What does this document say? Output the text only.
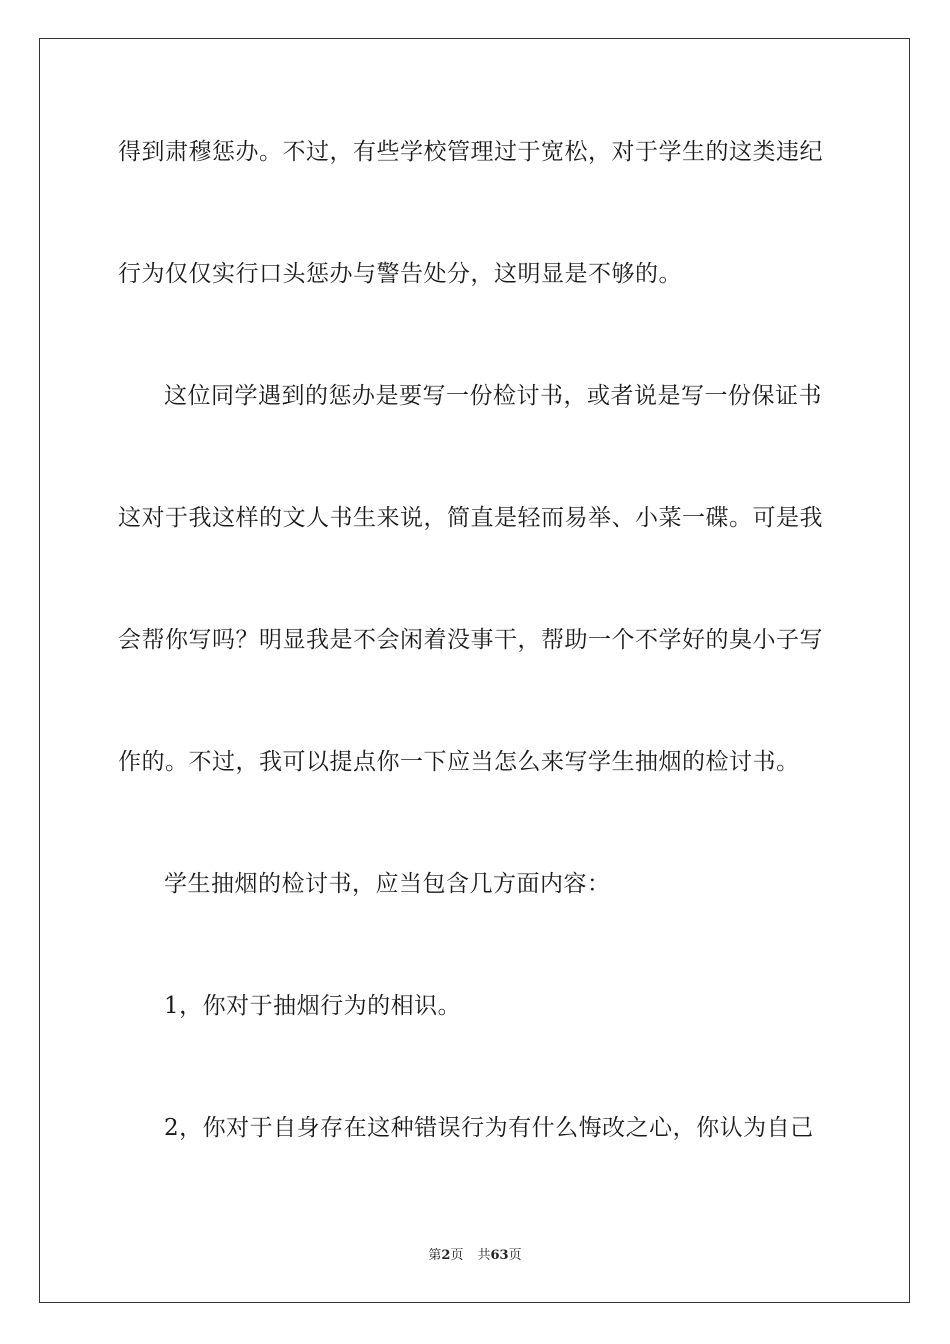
得到肃穆惩办。不过，有些学校管理过于宽松，对于学生的这类违纪
行为仅仅实行口头惩办与警告处分，这明显是不够的。
这位同学遇到的惩办是要写一份检讨书，或者说是写一份保证书
这对于我这样的文人书生来说，简直是轻而易举、小菜一碟。可是我
会帮你写吗？明显我是不会闲着没事干，帮助一个不学好的臭小子写
作的。不过，我可以提点你一下应当怎么来写学生抽烟的检讨书。
学生抽烟的检讨书，应当包含几方面内容：
1，你对于抽烟行为的相识。
2，你对于自身存在这种错误行为有什么悔改之心，你认为自己
第2页 共63页
